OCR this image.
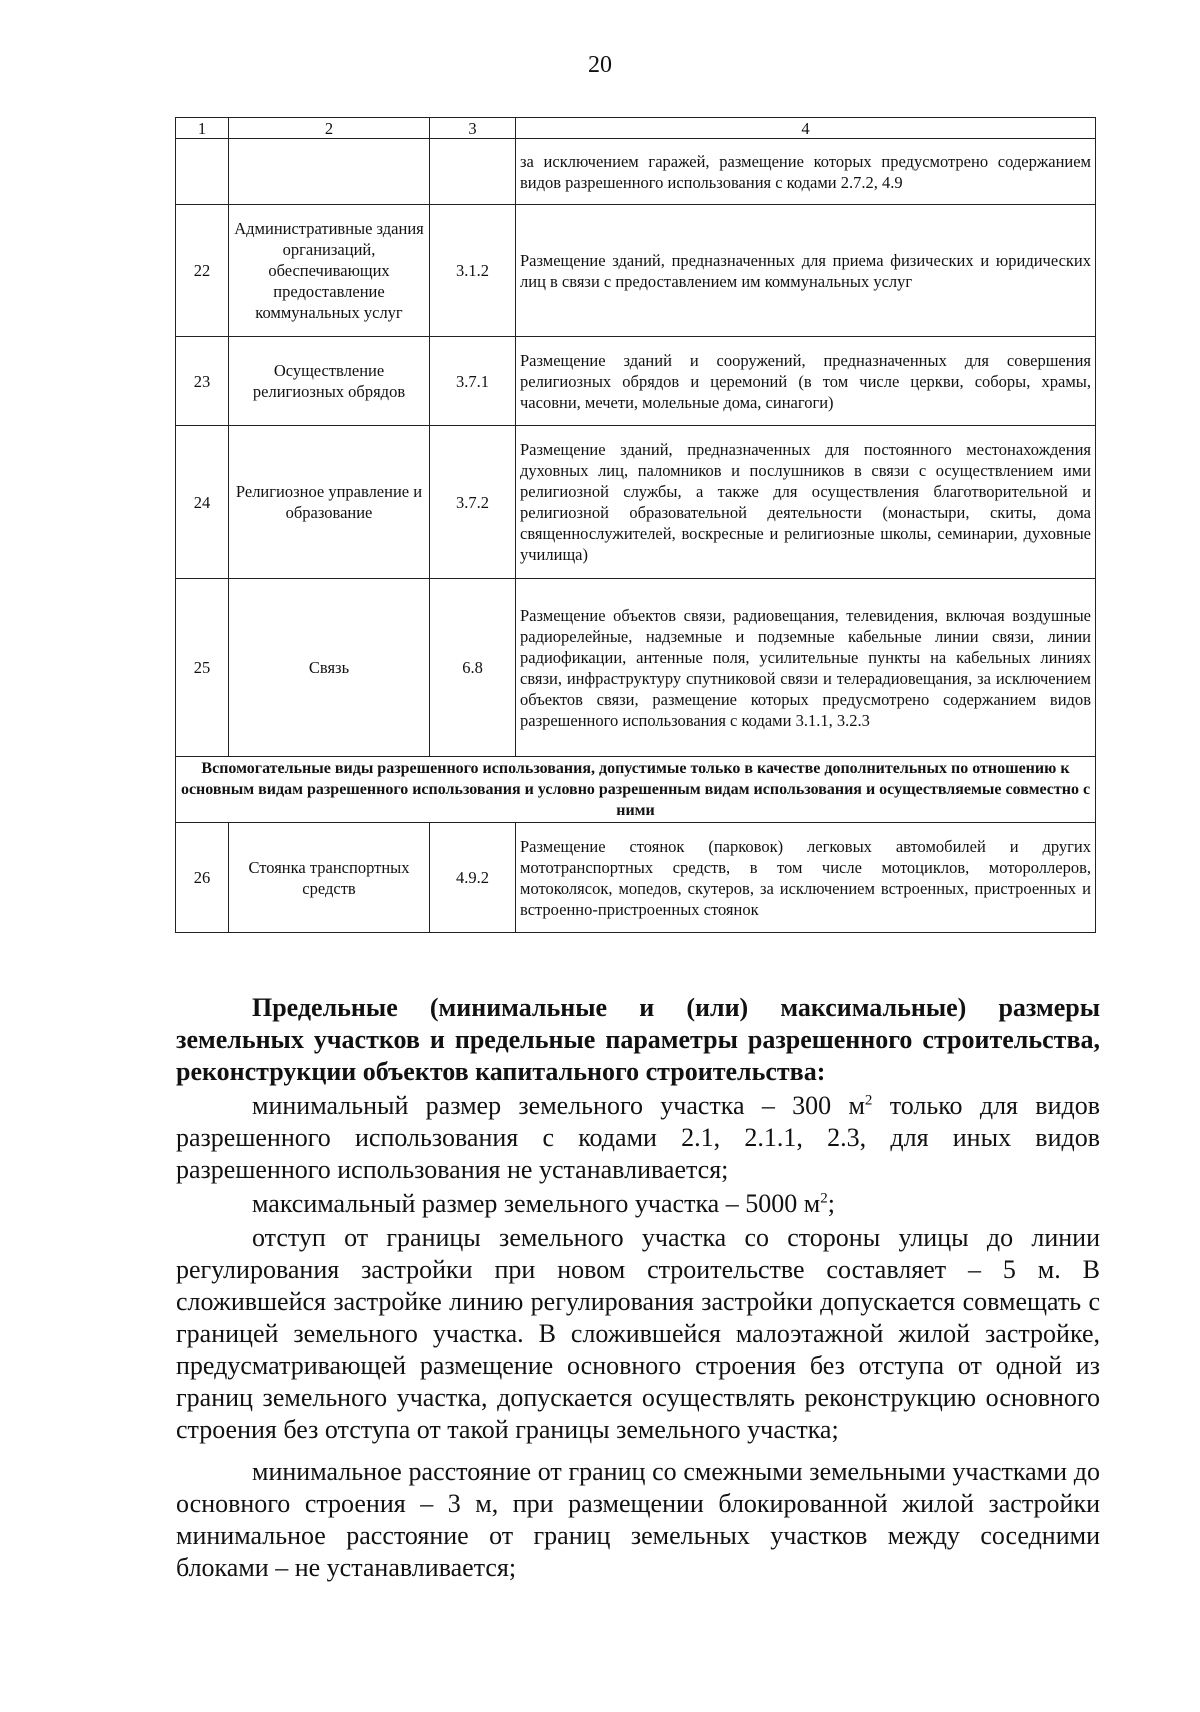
20
1	2	3	4
			за исключением гаражей, размещение которых предусмотрено содержанием видов разрешенного использования с кодами 2.7.2, 4.9
22	Административные здания организаций, обеспечивающих предоставление коммунальных услуг	3.1.2	Размещение зданий, предназначенных для приема физических и юридических лиц в связи с предоставлением им коммунальных услуг
23	Осуществление религиозных обрядов	3.7.1	Размещение зданий и сооружений, предназначенных для совершения религиозных обрядов и церемоний (в том числе церкви, соборы, храмы, часовни, мечети, молельные дома, синагоги)
24	Религиозное управление и образование	3.7.2	Размещение зданий, предназначенных для постоянного местонахождения духовных лиц, паломников и послушников в связи с осуществлением ими религиозной службы, а также для осуществления благотворительной и религиозной образовательной деятельности (монастыри, скиты, дома священнослужителей, воскресные и религиозные школы, семинарии, духовные училища)
25	Связь	6.8	Размещение объектов связи, радиовещания, телевидения, включая воздушные радиорелейные, надземные и подземные кабельные линии связи, линии радиофикации, антенные поля, усилительные пункты на кабельных линиях связи, инфраструктуру спутниковой связи и телерадиовещания, за исключением объектов связи, размещение которых предусмотрено содержанием видов разрешенного использования с кодами 3.1.1, 3.2.3
Вспомогательные виды разрешенного использования, допустимые только в качестве дополнительных по отношению к основным видам разрешенного использования и условно разрешенным видам использования и осуществляемые совместно с ними			
26	Стоянка транспортных средств	4.9.2	Размещение стоянок (парковок) легковых автомобилей и других мототранспортных средств, в том числе мотоциклов, мотороллеров, мотоколясок, мопедов, скутеров, за исключением встроенных, пристроенных и встроенно-пристроенных стоянок
Предельные (минимальные и (или) максимальные) размеры земельных участков и предельные параметры разрешенного строительства, реконструкции объектов капитального строительства:
минимальный размер земельного участка – 300 $м^2$ только для видов разрешенного использования с кодами 2.1, 2.1.1, 2.3, для иных видов разрешенного использования не устанавливается;
максимальный размер земельного участка – 5000 $м^2$;
отступ от границы земельного участка со стороны улицы до линии регулирования застройки при новом строительстве составляет – 5 м. В сложившейся застройке линию регулирования застройки допускается совмещать с границей земельного участка. В сложившейся малоэтажной жилой застройке, предусматривающей размещение основного строения без отступа от одной из границ земельного участка, допускается осуществлять реконструкцию основного строения без отступа от такой границы земельного участка;
минимальное расстояние от границ со смежными земельными участками до основного строения – 3 м, при размещении блокированной жилой застройки минимальное расстояние от границ земельных участков между соседними блоками – не устанавливается;
